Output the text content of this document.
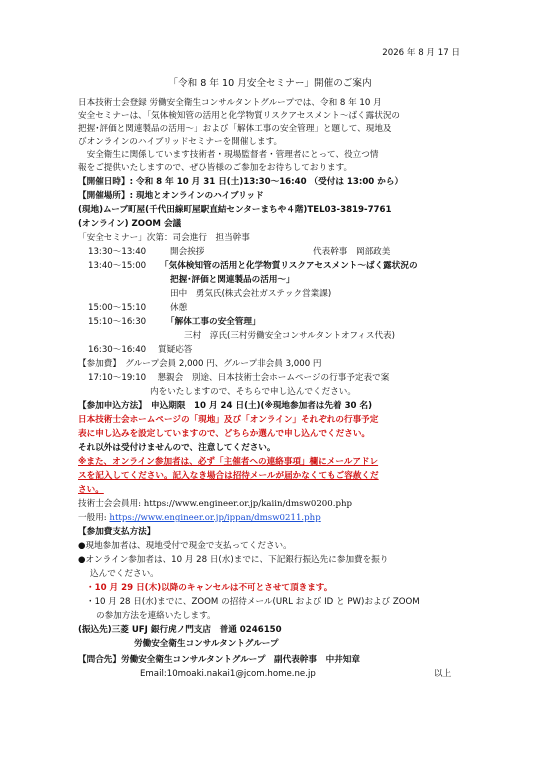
2026 年 8 月 17 日
「令和 8 年 10 月安全セミナー」開催のご案内
日本技術士会登録 労働安全衛生コンサルタントグループでは、令和 8 年 10 月
安全セミナーは、「気体検知管の活用と化学物質リスクアセスメント〜ばく露状況の
把握･評価と関連製品の活用〜」および「解体工事の安全管理」と題して、現地及
びオンラインのハイブリッドセミナーを開催します。
　安全衛生に関係しています技術者・現場監督者・管理者にとって、役立つ情
報をご提供いたしますので、ぜひ皆様のご参加をお待ちしております。
【開催日時】: 令和 8 年 10 月 31 日(土)13:30〜16:40 （受付は 13:00 から）
【開催場所】: 現地とオンラインのハイブリッド
(現地)ムーブ町屋(千代田線町屋駅直結センターまちや４階)TEL03-3819-7761
(オンライン) ZOOM 会議
「安全セミナー」次第：司会進行　担当幹事
13:30〜13:40	開会挨拶	代表幹事　岡部政美
13:40〜15:00 「気体検知管の活用と化学物質リスクアセスメント〜ばく露状況の
把握･評価と関連製品の活用〜」
田中　勇気氏(株式会社ガステック営業課)
15:00〜15:10	休憩
15:10〜16:30 「解体工事の安全管理」
三村　淳氏(三村労働安全コンサルタントオフィス代表)
16:30〜16:40 質疑応答
【参加費】　グループ会員 2,000 円、グループ非会員 3,000 円
17:10〜19:10　 懇親会　別途、日本技術士会ホームページの行事予定表で案
内をいたしますので、そちらで申し込んでください。
【参加申込方法】　申込期限　10 月 24 日(土)(※現地参加者は先着 30 名)
日本技術士会ホームページの「現地」及び「オンライン」それぞれの行事予定
表に申し込みを設定していますので、どちらか選んで申し込んでください。
それ以外は受付けませんので、注意してください。
※また、オンライン参加者は、必ず「主催者への連絡事項」欄にメールアドレ
スを記入してください。記入なき場合は招待メールが届かなくてもご容赦くだ
さい。
技術士会会員用: https://www.engineer.or.jp/kaiin/dmsw0200.php
一般用: https://www.engineer.or.jp/ippan/dmsw0211.php
【参加費支払方法】
●現地参加者は、現地受付で現金で支払ってください。
●オンライン参加者は、10 月 28 日(水)までに、下記銀行振込先に参加費を振り
込んでください。
・10 月 29 日(木)以降のキャンセルは不可とさせて頂きます。
・10 月 28 日(水)までに、ZOOM の招待メール(URL および ID と PW)および ZOOM
の参加方法を連絡いたします。
(振込先)三菱 UFJ 銀行虎ノ門支店　普通 0246150
労働安全衛生コンサルタントグループ
【問合先】労働安全衛生コンサルタントグループ　副代表幹事　中井知章
Email:10moaki.nakai1@jcom.home.ne.jp	以上
